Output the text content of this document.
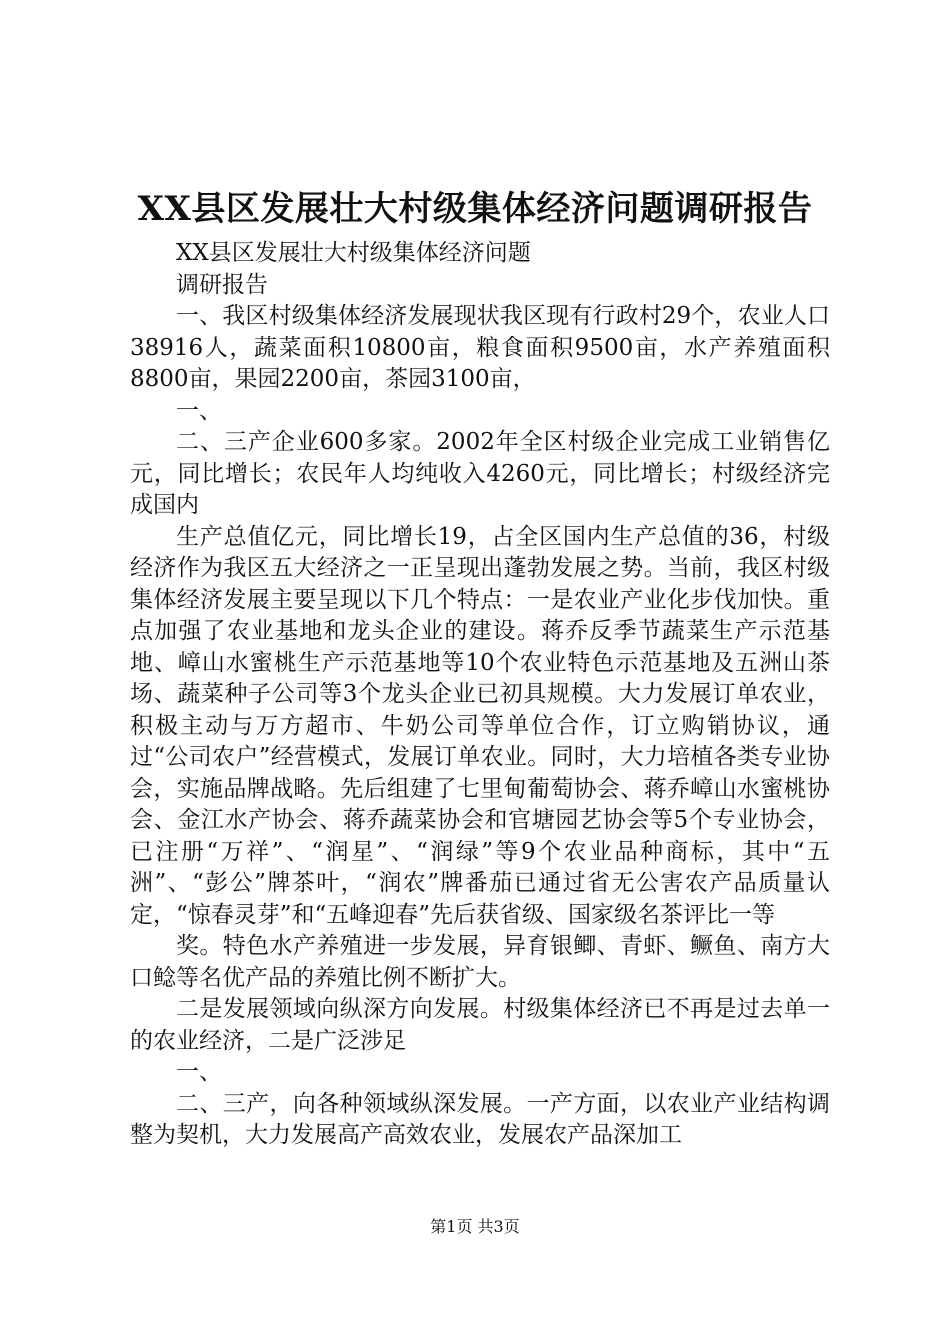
XX县区发展壮大村级集体经济问题调研报告

XX县区发展壮大村级集体经济问题

调研报告

一、我区村级集体经济发展现状我区现有行政村29个，农业人口38916人，蔬菜面积10800亩，粮食面积9500亩，水产养殖面积8800亩，果园2200亩，茶园3100亩，

一、

二、三产企业600多家。2002年全区村级企业完成工业销售亿元，同比增长；农民年人均纯收入4260元，同比增长；村级经济完成国内

生产总值亿元，同比增长19，占全区国内生产总值的36，村级经济作为我区五大经济之一正呈现出蓬勃发展之势。当前，我区村级集体经济发展主要呈现以下几个特点：一是农业产业化步伐加快。重点加强了农业基地和龙头企业的建设。蒋乔反季节蔬菜生产示范基地、嶂山水蜜桃生产示范基地等10个农业特色示范基地及五洲山茶场、蔬菜种子公司等3个龙头企业已初具规模。大力发展订单农业，积极主动与万方超市、牛奶公司等单位合作，订立购销协议，通过“公司农户”经营模式，发展订单农业。同时，大力培植各类专业协会，实施品牌战略。先后组建了七里甸葡萄协会、蒋乔嶂山水蜜桃协会、金江水产协会、蒋乔蔬菜协会和官塘园艺协会等5个专业协会，已注册“万祥”、“润星”、“润绿”等9个农业品种商标，其中“五洲”、“彭公”牌茶叶，“润农”牌番茄已通过省无公害农产品质量认定，“惊春灵芽”和“五峰迎春”先后获省级、国家级名茶评比一等

奖。特色水产养殖进一步发展，异育银鲫、青虾、鳜鱼、南方大口鲶等名优产品的养殖比例不断扩大。

二是发展领域向纵深方向发展。村级集体经济已不再是过去单一的农业经济，二是广泛涉足

一、

二、三产，向各种领域纵深发展。一产方面，以农业产业结构调整为契机，大力发展高产高效农业，发展农产品深加工

第1页 共3页
